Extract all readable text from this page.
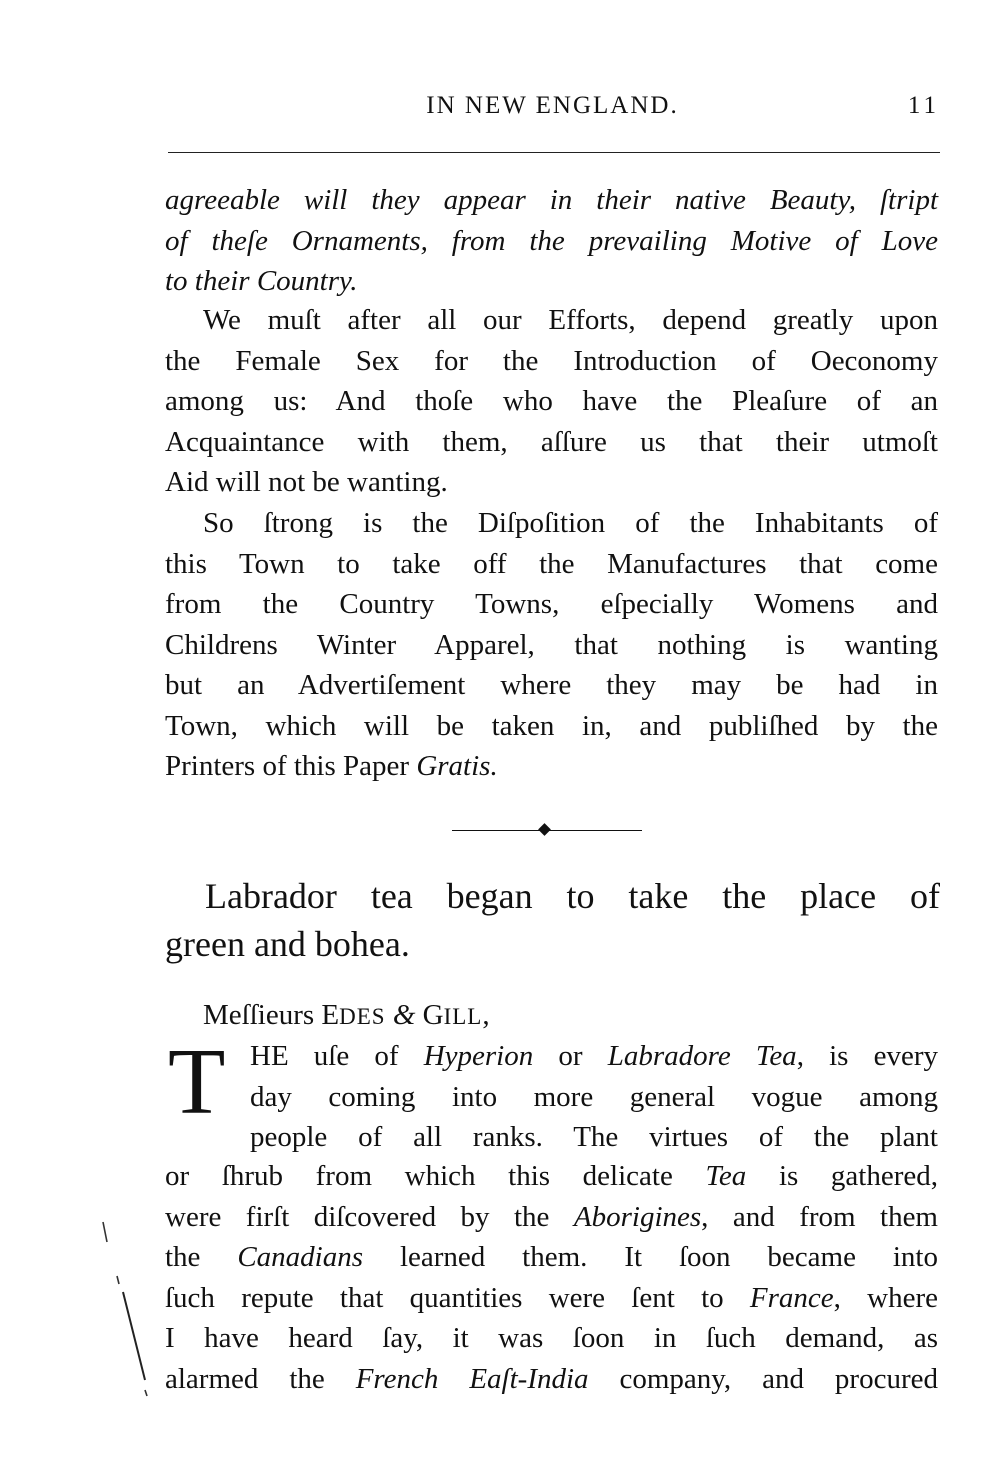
IN NEW ENGLAND.	11
agreeable will they appear in their native Beauty, ſtript
of theſe Ornaments, from the prevailing Motive of Love
to their Country.
We muſt after all our Efforts, depend greatly upon
the Female Sex for the Introduction of Oeconomy
among us: And thoſe who have the Pleaſure of an
Acquaintance with them, aſſure us that their utmoſt
Aid will not be wanting.
So ſtrong is the Diſpoſition of the Inhabitants of
this Town to take off the Manufactures that come
from the Country Towns, eſpecially Womens and
Childrens Winter Apparel, that nothing is wanting
but an Advertiſement where they may be had in
Town, which will be taken in, and publiſhed by the
Printers of this Paper Gratis.
Labrador tea began to take the place of
green and bohea.
Meſſieurs EDES & GILL,
T HE uſe of Hyperion or Labradore Tea, is every
day coming into more general vogue among
people of all ranks. The virtues of the plant
or ſhrub from which this delicate Tea is gathered,
were firſt diſcovered by the Aborigines, and from them
the Canadians learned them. It ſoon became into
ſuch repute that quantities were ſent to France, where
I have heard ſay, it was ſoon in ſuch demand, as
alarmed the French Eaſt-India company, and procured
